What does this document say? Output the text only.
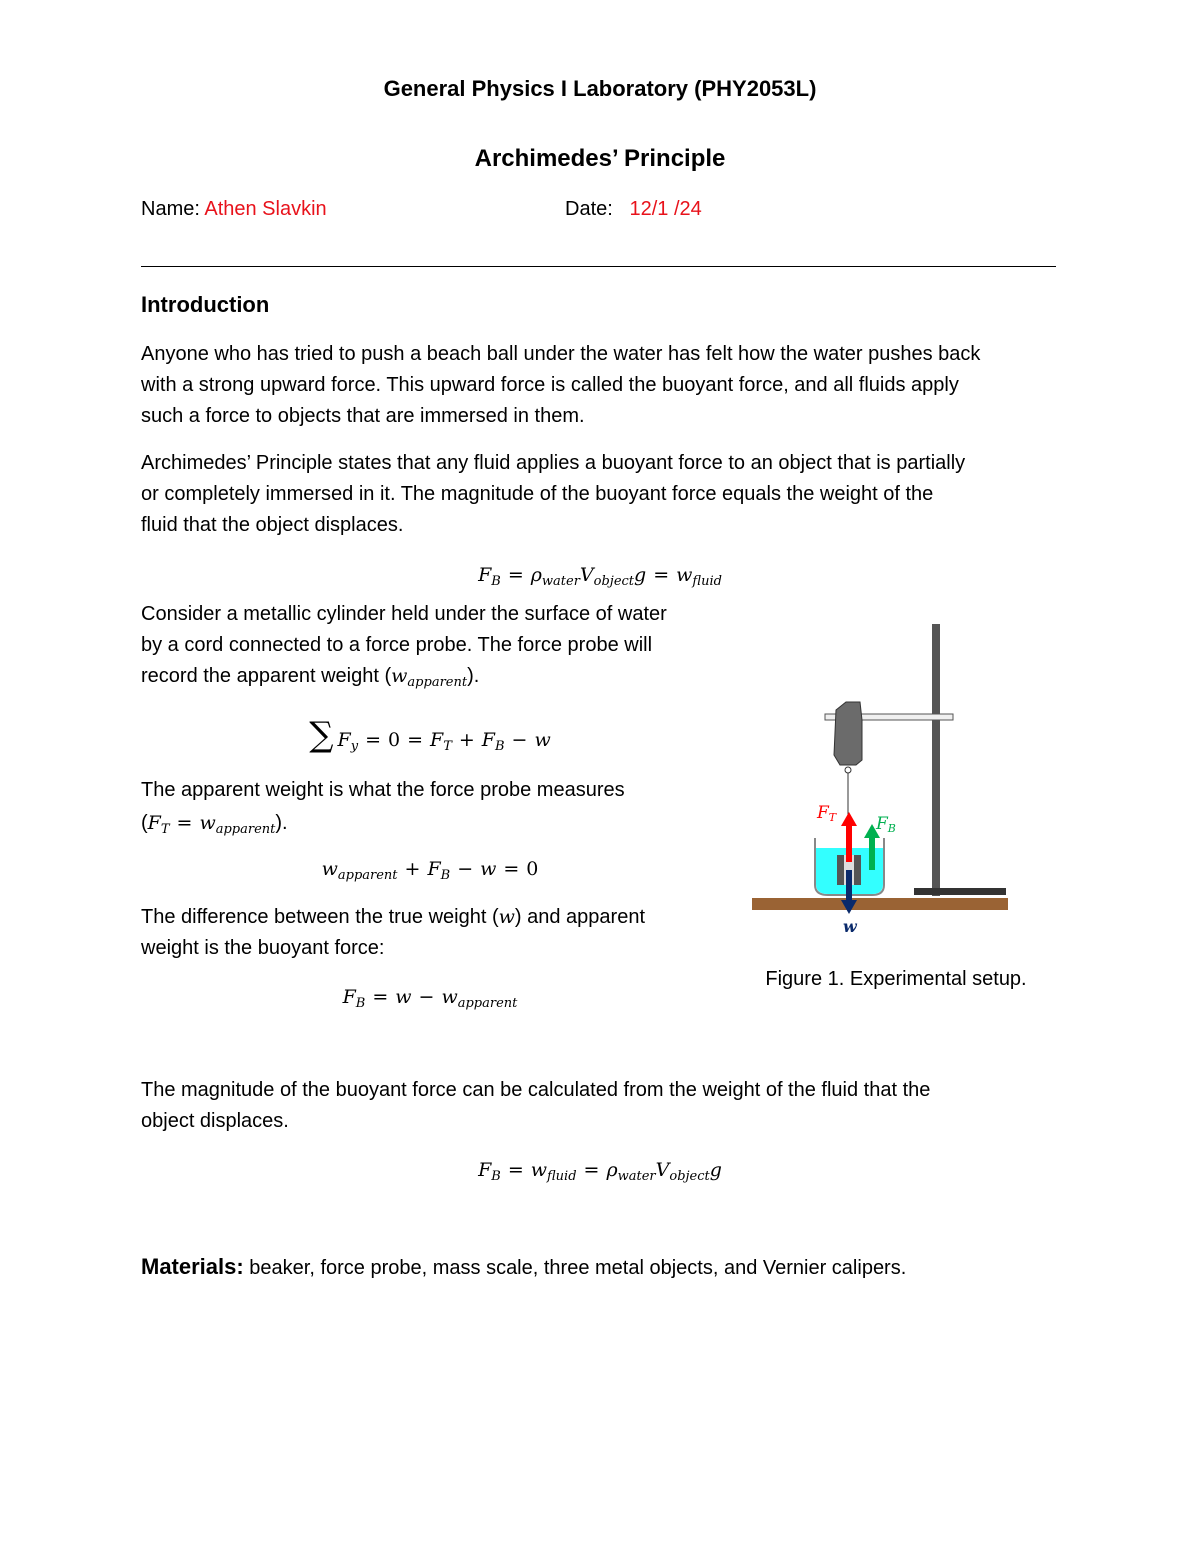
General Physics I Laboratory (PHY2053L)
Archimedes’ Principle
Name: Athen Slavkin	Date: 12/1 /24
Introduction
Anyone who has tried to push a beach ball under the water has felt how the water pushes back
with a strong upward force. This upward force is called the buoyant force, and all fluids apply
such a force to objects that are immersed in them.
Archimedes’ Principle states that any fluid applies a buoyant force to an object that is partially
or completely immersed in it. The magnitude of the buoyant force equals the weight of the
fluid that the object displaces.
$F_B = \rho_{water}V_{object}g = w_{fluid}$
Consider a metallic cylinder held under the surface of water
by a cord connected to a force probe. The force probe will
record the apparent weight $(w_{apparent})$.
∑ $F_y = 0 = F_T + F_B - w$
The apparent weight is what the force probe measures
$(F_T = w_{apparent})$.
$w_{apparent} + F_B - w = 0$
The difference between the true weight (w) and apparent
weight is the buoyant force:
$F_B = w - w_{apparent}$
FT FB
w
Figure 1. Experimental setup.
The magnitude of the buoyant force can be calculated from the weight of the fluid that the
object displaces.
$F_B = w_{fluid} = \rho_{water}V_{object}g$
Materials: beaker, force probe, mass scale, three metal objects, and Vernier calipers.
